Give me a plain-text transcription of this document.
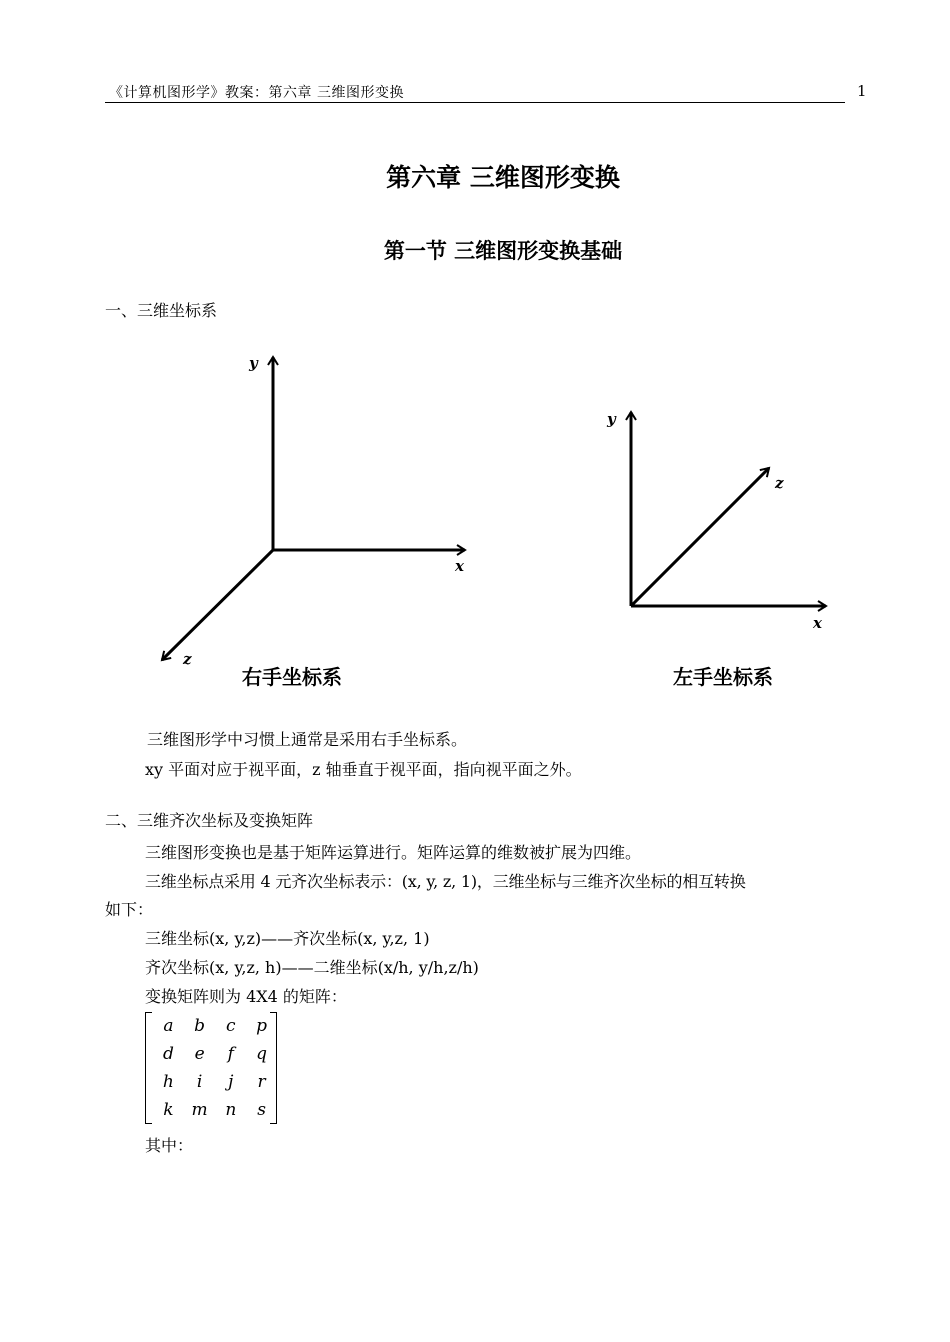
《计算机图形学》教案：第六章 三维图形变换	1
第六章 三维图形变换
第一节 三维图形变换基础
一、三维坐标系
y
x
z
右手坐标系
y
x
z
左手坐标系
三维图形学中习惯上通常是采用右手坐标系。
xy 平面对应于视平面，z 轴垂直于视平面，指向视平面之外。
二、三维齐次坐标及变换矩阵
三维图形变换也是基于矩阵运算进行。矩阵运算的维数被扩展为四维。
三维坐标点采用 4 元齐次坐标表示：(x, y, z, 1)，三维坐标与三维齐次坐标的相互转换
如下：
三维坐标(x, y,z)——齐次坐标(x, y,z, 1)
齐次坐标(x, y,z, h)——二维坐标(x/h, y/h,z/h)
变换矩阵则为 4X4 的矩阵：
a	b	c	p
d	e	f	q
h	i	j	r
k	m	n	s
其中：
